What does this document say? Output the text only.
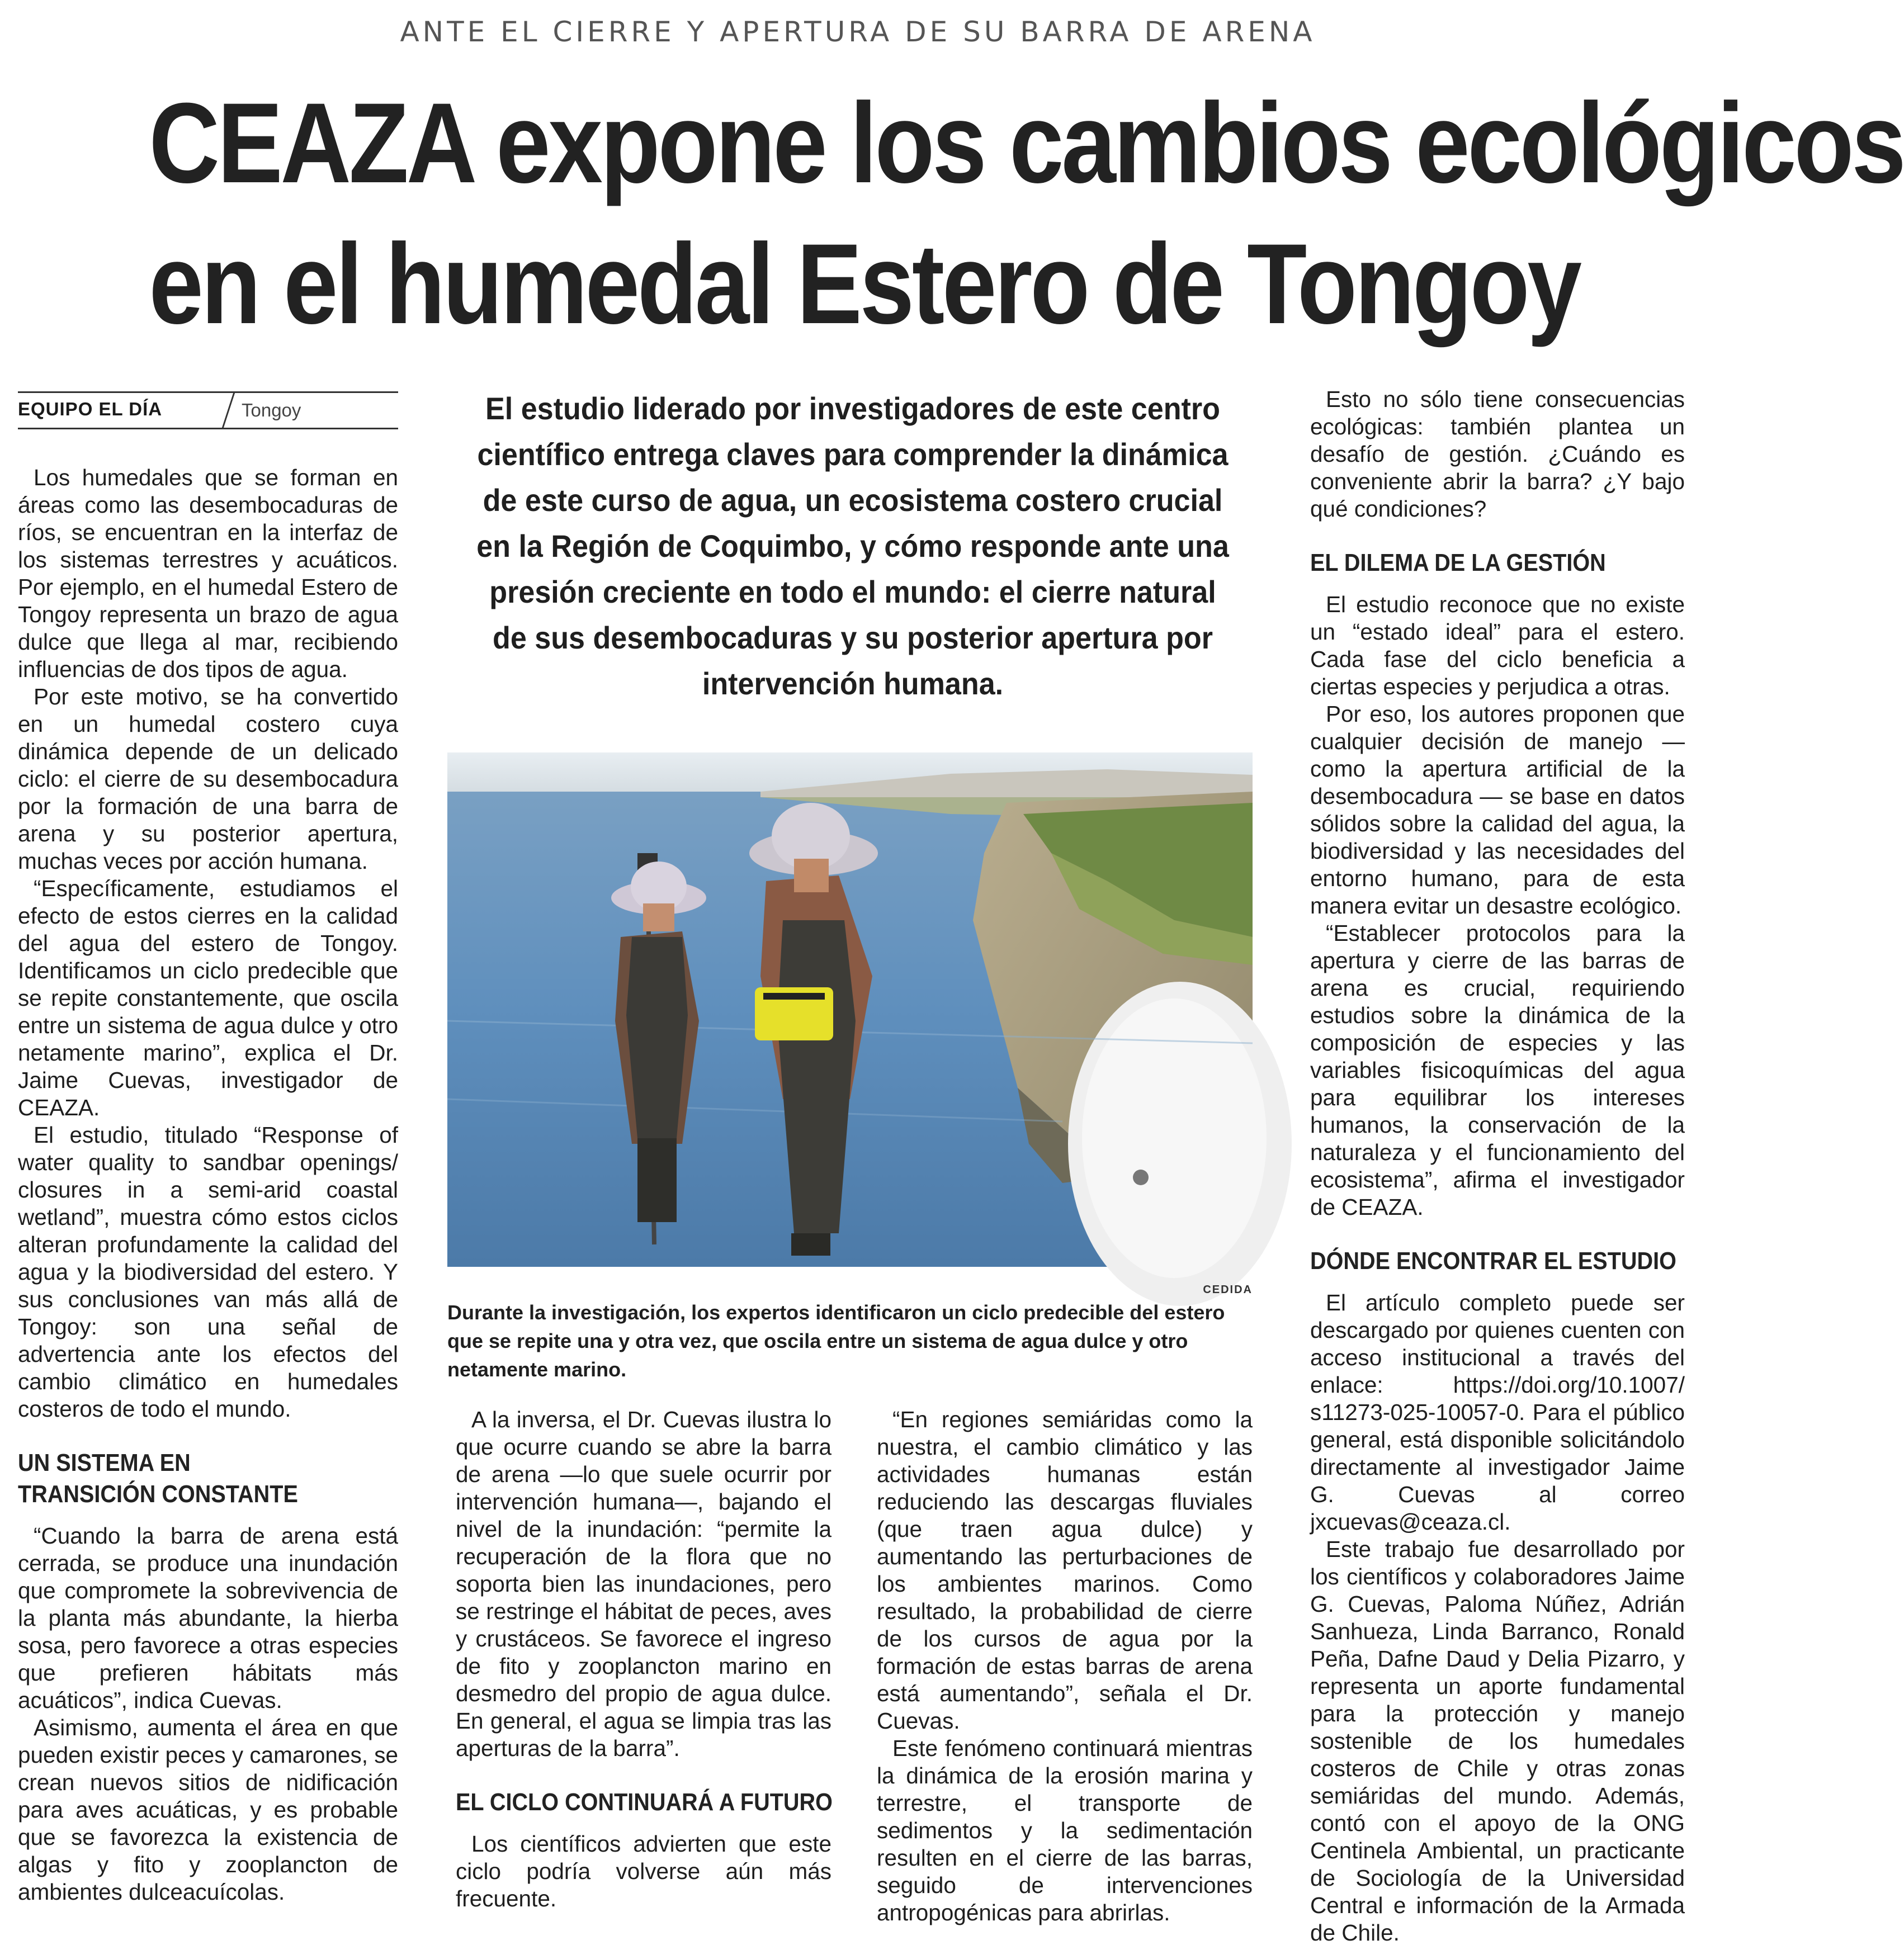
ANTE EL CIERRE Y APERTURA DE SU BARRA DE ARENA
CEAZA expone los cambios ecológicos
en el humedal Estero de Tongoy
EQUIPO EL DÍA	Tongoy

Los humedales que se forman en áreas como las desembocaduras de ríos, se encuentran en la interfaz de los sistemas terrestres y acuáticos. Por ejemplo, en el humedal Estero de Tongoy representa un brazo de agua dulce que llega al mar, recibiendo influencias de dos tipos de agua.

Por este motivo, se ha convertido en un humedal costero cuya dinámica depende de un delicado ciclo: el cierre de su desembocadura por la formación de una barra de arena y su posterior apertura, muchas veces por acción humana.

“Específicamente, estudiamos el efecto de estos cierres en la calidad del agua del estero de Tongoy. Identificamos un ciclo predecible que se repite constantemente, que oscila entre un sistema de agua dulce y otro netamente marino”, explica el Dr. Jaime Cuevas, investigador de CEAZA.

El estudio, titulado “Response of water quality to sandbar openings/ closures in a semi-arid coastal wetland”, muestra cómo estos ciclos alteran profundamente la calidad del agua y la biodiversidad del estero. Y sus conclusiones van más allá de Tongoy: son una señal de advertencia ante los efectos del cambio climático en humedales costeros de todo el mundo.

UN SISTEMA EN
TRANSICIÓN CONSTANTE

“Cuando la barra de arena está cerrada, se produce una inundación que compromete la sobrevivencia de la planta más abundante, la hierba sosa, pero favorece a otras especies que prefieren hábitats más acuáticos”, indica Cuevas.

Asimismo, aumenta el área en que pueden existir peces y camarones, se crean nuevos sitios de nidificación para aves acuáticas, y es probable que se favorezca la existencia de algas y fito y zooplancton de ambientes dulceacuícolas.

El estudio liderado por investigadores de este centro científico entrega claves para comprender la dinámica de este curso de agua, un ecosistema costero crucial en la Región de Coquimbo, y cómo responde ante una presión creciente en todo el mundo: el cierre natural de sus desembocaduras y su posterior apertura por intervención humana.
CEDIDA
Durante la investigación, los expertos identificaron un ciclo predecible del estero que se repite una y otra vez, que oscila entre un sistema de agua dulce y otro netamente marino.

A la inversa, el Dr. Cuevas ilustra lo que ocurre cuando se abre la barra de arena —lo que suele ocurrir por intervención humana—, bajando el nivel de la inundación: “permite la recuperación de la flora que no soporta bien las inundaciones, pero se restringe el hábitat de peces, aves y crustáceos. Se favorece el ingreso de fito y zooplancton marino en desmedro del propio de agua dulce. En general, el agua se limpia tras las aperturas de la barra”.

EL CICLO CONTINUARÁ A FUTURO

Los científicos advierten que este ciclo podría volverse aún más frecuente.

“En regiones semiáridas como la nuestra, el cambio climático y las actividades humanas están reduciendo las descargas fluviales (que traen agua dulce) y aumentando las perturbaciones de los ambientes marinos. Como resultado, la probabilidad de cierre de los cursos de agua por la formación de estas barras de arena está aumentando”, señala el Dr. Cuevas.

Este fenómeno continuará mientras la dinámica de la erosión marina y terrestre, el transporte de sedimentos y la sedimentación resulten en el cierre de las barras, seguido de intervenciones antropogénicas para abrirlas.

Esto no sólo tiene consecuencias ecológicas: también plantea un desafío de gestión. ¿Cuándo es conveniente abrir la barra? ¿Y bajo qué condiciones?

EL DILEMA DE LA GESTIÓN

El estudio reconoce que no existe un “estado ideal” para el estero. Cada fase del ciclo beneficia a ciertas especies y perjudica a otras.

Por eso, los autores proponen que cualquier decisión de manejo — como la apertura artificial de la desembocadura — se base en datos sólidos sobre la calidad del agua, la biodiversidad y las necesidades del entorno humano, para de esta manera evitar un desastre ecológico.

“Establecer protocolos para la apertura y cierre de las barras de arena es crucial, requiriendo estudios sobre la dinámica de la composición de especies y las variables fisicoquímicas del agua para equilibrar los intereses humanos, la conservación de la naturaleza y el funcionamiento del ecosistema”, afirma el investigador de CEAZA.

DÓNDE ENCONTRAR EL ESTUDIO

El artículo completo puede ser descargado por quienes cuenten con acceso institucional a través del enlace: https://doi.org/10.1007/ s11273-025-10057-0. Para el público general, está disponible solicitándolo directamente al investigador Jaime G. Cuevas al correo jxcuevas@ceaza.cl.

Este trabajo fue desarrollado por los científicos y colaboradores Jaime G. Cuevas, Paloma Núñez, Adrián Sanhueza, Linda Barranco, Ronald Peña, Dafne Daud y Delia Pizarro, y representa un aporte fundamental para la protección y manejo sostenible de los humedales costeros de Chile y otras zonas semiáridas del mundo. Además, contó con el apoyo de la ONG Centinela Ambiental, un practicante de Sociología de la Universidad Central e información de la Armada de Chile.
